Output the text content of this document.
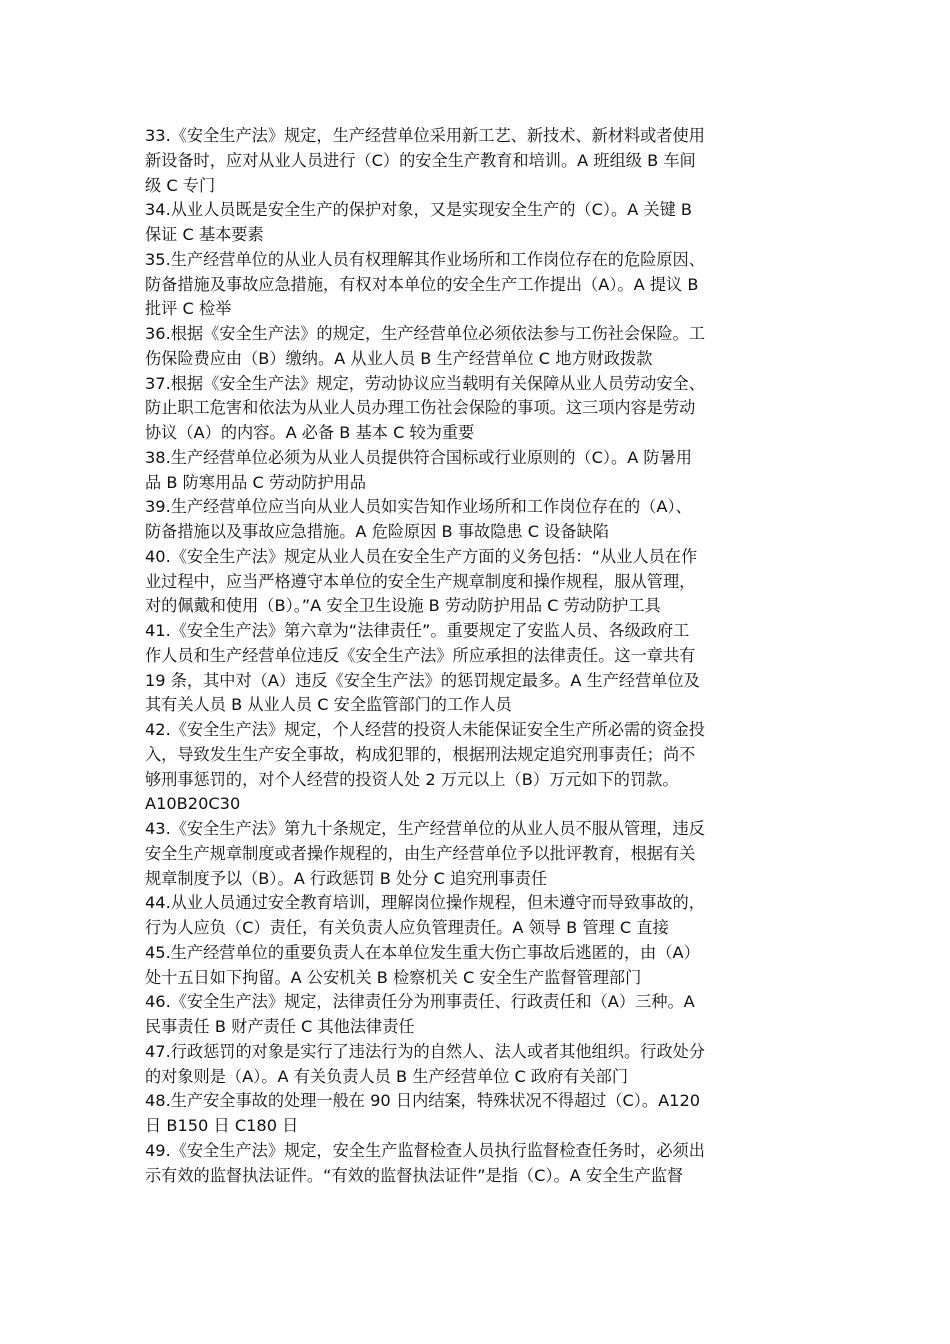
33.《安全生产法》规定，生产经营单位采用新工艺、新技术、新材料或者使用
新设备时，应对从业人员进行（C）的安全生产教育和培训。A 班组级 B 车间
级 C 专门
34.从业人员既是安全生产的保护对象，又是实现安全生产的（C）。A 关键 B
保证 C 基本要素
35.生产经营单位的从业人员有权理解其作业场所和工作岗位存在的危险原因、
防备措施及事故应急措施，有权对本单位的安全生产工作提出（A）。A 提议 B
批评 C 检举
36.根据《安全生产法》的规定，生产经营单位必须依法参与工伤社会保险。工
伤保险费应由（B）缴纳。A 从业人员 B 生产经营单位 C 地方财政拨款
37.根据《安全生产法》规定，劳动协议应当载明有关保障从业人员劳动安全、
防止职工危害和依法为从业人员办理工伤社会保险的事项。这三项内容是劳动
协议（A）的内容。A 必备 B 基本 C 较为重要
38.生产经营单位必须为从业人员提供符合国标或行业原则的（C）。A 防暑用
品 B 防寒用品 C 劳动防护用品
39.生产经营单位应当向从业人员如实告知作业场所和工作岗位存在的（A）、
防备措施以及事故应急措施。A 危险原因 B 事故隐患 C 设备缺陷
40.《安全生产法》规定从业人员在安全生产方面的义务包括：“从业人员在作
业过程中，应当严格遵守本单位的安全生产规章制度和操作规程，服从管理，
对的佩戴和使用（B）。”A 安全卫生设施 B 劳动防护用品 C 劳动防护工具
41.《安全生产法》第六章为“法律责任”。重要规定了安监人员、各级政府工
作人员和生产经营单位违反《安全生产法》所应承担的法律责任。这一章共有
19 条，其中对（A）违反《安全生产法》的惩罚规定最多。A 生产经营单位及
其有关人员 B 从业人员 C 安全监管部门的工作人员
42.《安全生产法》规定，个人经营的投资人未能保证安全生产所必需的资金投
入，导致发生生产安全事故，构成犯罪的，根据刑法规定追究刑事责任；尚不
够刑事惩罚的，对个人经营的投资人处 2 万元以上（B）万元如下的罚款。
A10B20C30
43.《安全生产法》第九十条规定，生产经营单位的从业人员不服从管理，违反
安全生产规章制度或者操作规程的，由生产经营单位予以批评教育，根据有关
规章制度予以（B）。A 行政惩罚 B 处分 C 追究刑事责任
44.从业人员通过安全教育培训，理解岗位操作规程，但未遵守而导致事故的，
行为人应负（C）责任，有关负责人应负管理责任。A 领导 B 管理 C 直接
45.生产经营单位的重要负责人在本单位发生重大伤亡事故后逃匿的，由（A）
处十五日如下拘留。A 公安机关 B 检察机关 C 安全生产监督管理部门
46.《安全生产法》规定，法律责任分为刑事责任、行政责任和（A）三种。A
民事责任 B 财产责任 C 其他法律责任
47.行政惩罚的对象是实行了违法行为的自然人、法人或者其他组织。行政处分
的对象则是（A）。A 有关负责人员 B 生产经营单位 C 政府有关部门
48.生产安全事故的处理一般在 90 日内结案，特殊状况不得超过（C）。A120
日 B150 日 C180 日
49.《安全生产法》规定，安全生产监督检查人员执行监督检查任务时，必须出
示有效的监督执法证件。“有效的监督执法证件”是指（C）。A 安全生产监督
